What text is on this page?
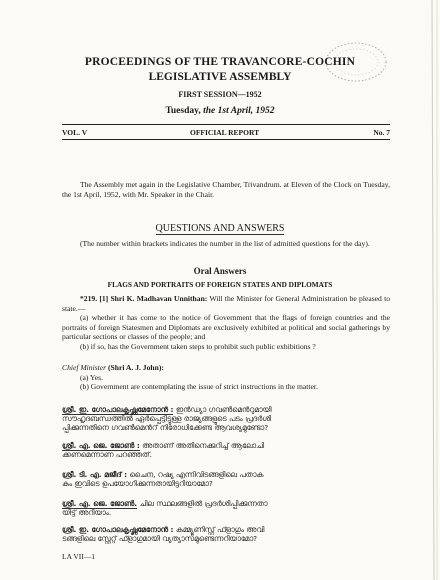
PROCEEDINGS OF THE TRAVANCORE-COCHIN
LEGISLATIVE ASSEMBLY
FIRST SESSION—1952
Tuesday, the 1st April, 1952
VOL. V	OFFICIAL REPORT	No. 7
The Assembly met again in the Legislative Chamber, Trivandrum. at Eleven of the Clock on Tuesday, the 1st April, 1952, with Mr. Speaker in the Chair.
QUESTIONS AND ANSWERS
(The number within brackets indicates the number in the list of admitted questions for the day).
Oral Answers
FLAGS AND PORTRAITS OF FOREIGN STATES AND DIPLOMATS
*219. [1] Shri K. Madhavan Unnithan: Will the Minister for General Administration be pleased to state.—
(a) whether it has come to the notice of Government that the flags of foreign countries and the portraits of foreign Statesmen and Diplomats are exclusively exhibited at political and social gatherings by particular sections or classes of the people; and
(b) if so, has the Government taken steps to prohibit such public exhibitions ?
Chief Minister (Shri A. J. John):
(a) Yes.
(b) Government are contemplating the issue of strict instructions in the matter.
ശ്രീ. ഇ. ഗോപാലകൃഷ്ണമേനോൻ : ഇൻഡ്യാ ഗവൺമെൻറുമായി
സൗഹൃദബന്ധത്തിൽ ഏർപ്പെട്ടിട്ടുള്ള രാജ്യങ്ങളുടെ പടം പ്രദർശി
പ്പിക്കുന്നതിനെ ഗവൺമെൻറ് നിരോധിക്കേണ്ട ആവശ്യമുണ്ടോ?
ശ്രീ. എ. ജെ. ജോൺ : അതാണ് അതിനെക്കുറിച്ച് ആലോചി
ക്കണമെന്നാണ പറഞ്ഞത്.
ശ്രീ. ടി. എ. മജീദ് : ചൈന, റഷ്യ എന്നിവിടങ്ങളിലെ പതാക
കം ഇവിടെ ഉപയോഗിക്കുന്നതായിട്ടറിയാമോ?
ശ്രീ. എ. ജെ. ജോൺ. ചില സ്ഥലങ്ങളിൽ പ്രദർശിപ്പിക്കുന്നതാ
യിട്ട് അറിയാം.
ശ്രീ. ഇ. ഗോപാലകൃഷ്ണമേനോൻ : കമ്മ്യൂണിസ്റ്റ് ഫ്ളാഗും അവി
ടങ്ങളിലെ സ്റ്റേറ്റ് ഫ്ളാഗുമായി വ്യത്യാസമുണ്ടെന്നറിയാമോ?
LA VII—1
